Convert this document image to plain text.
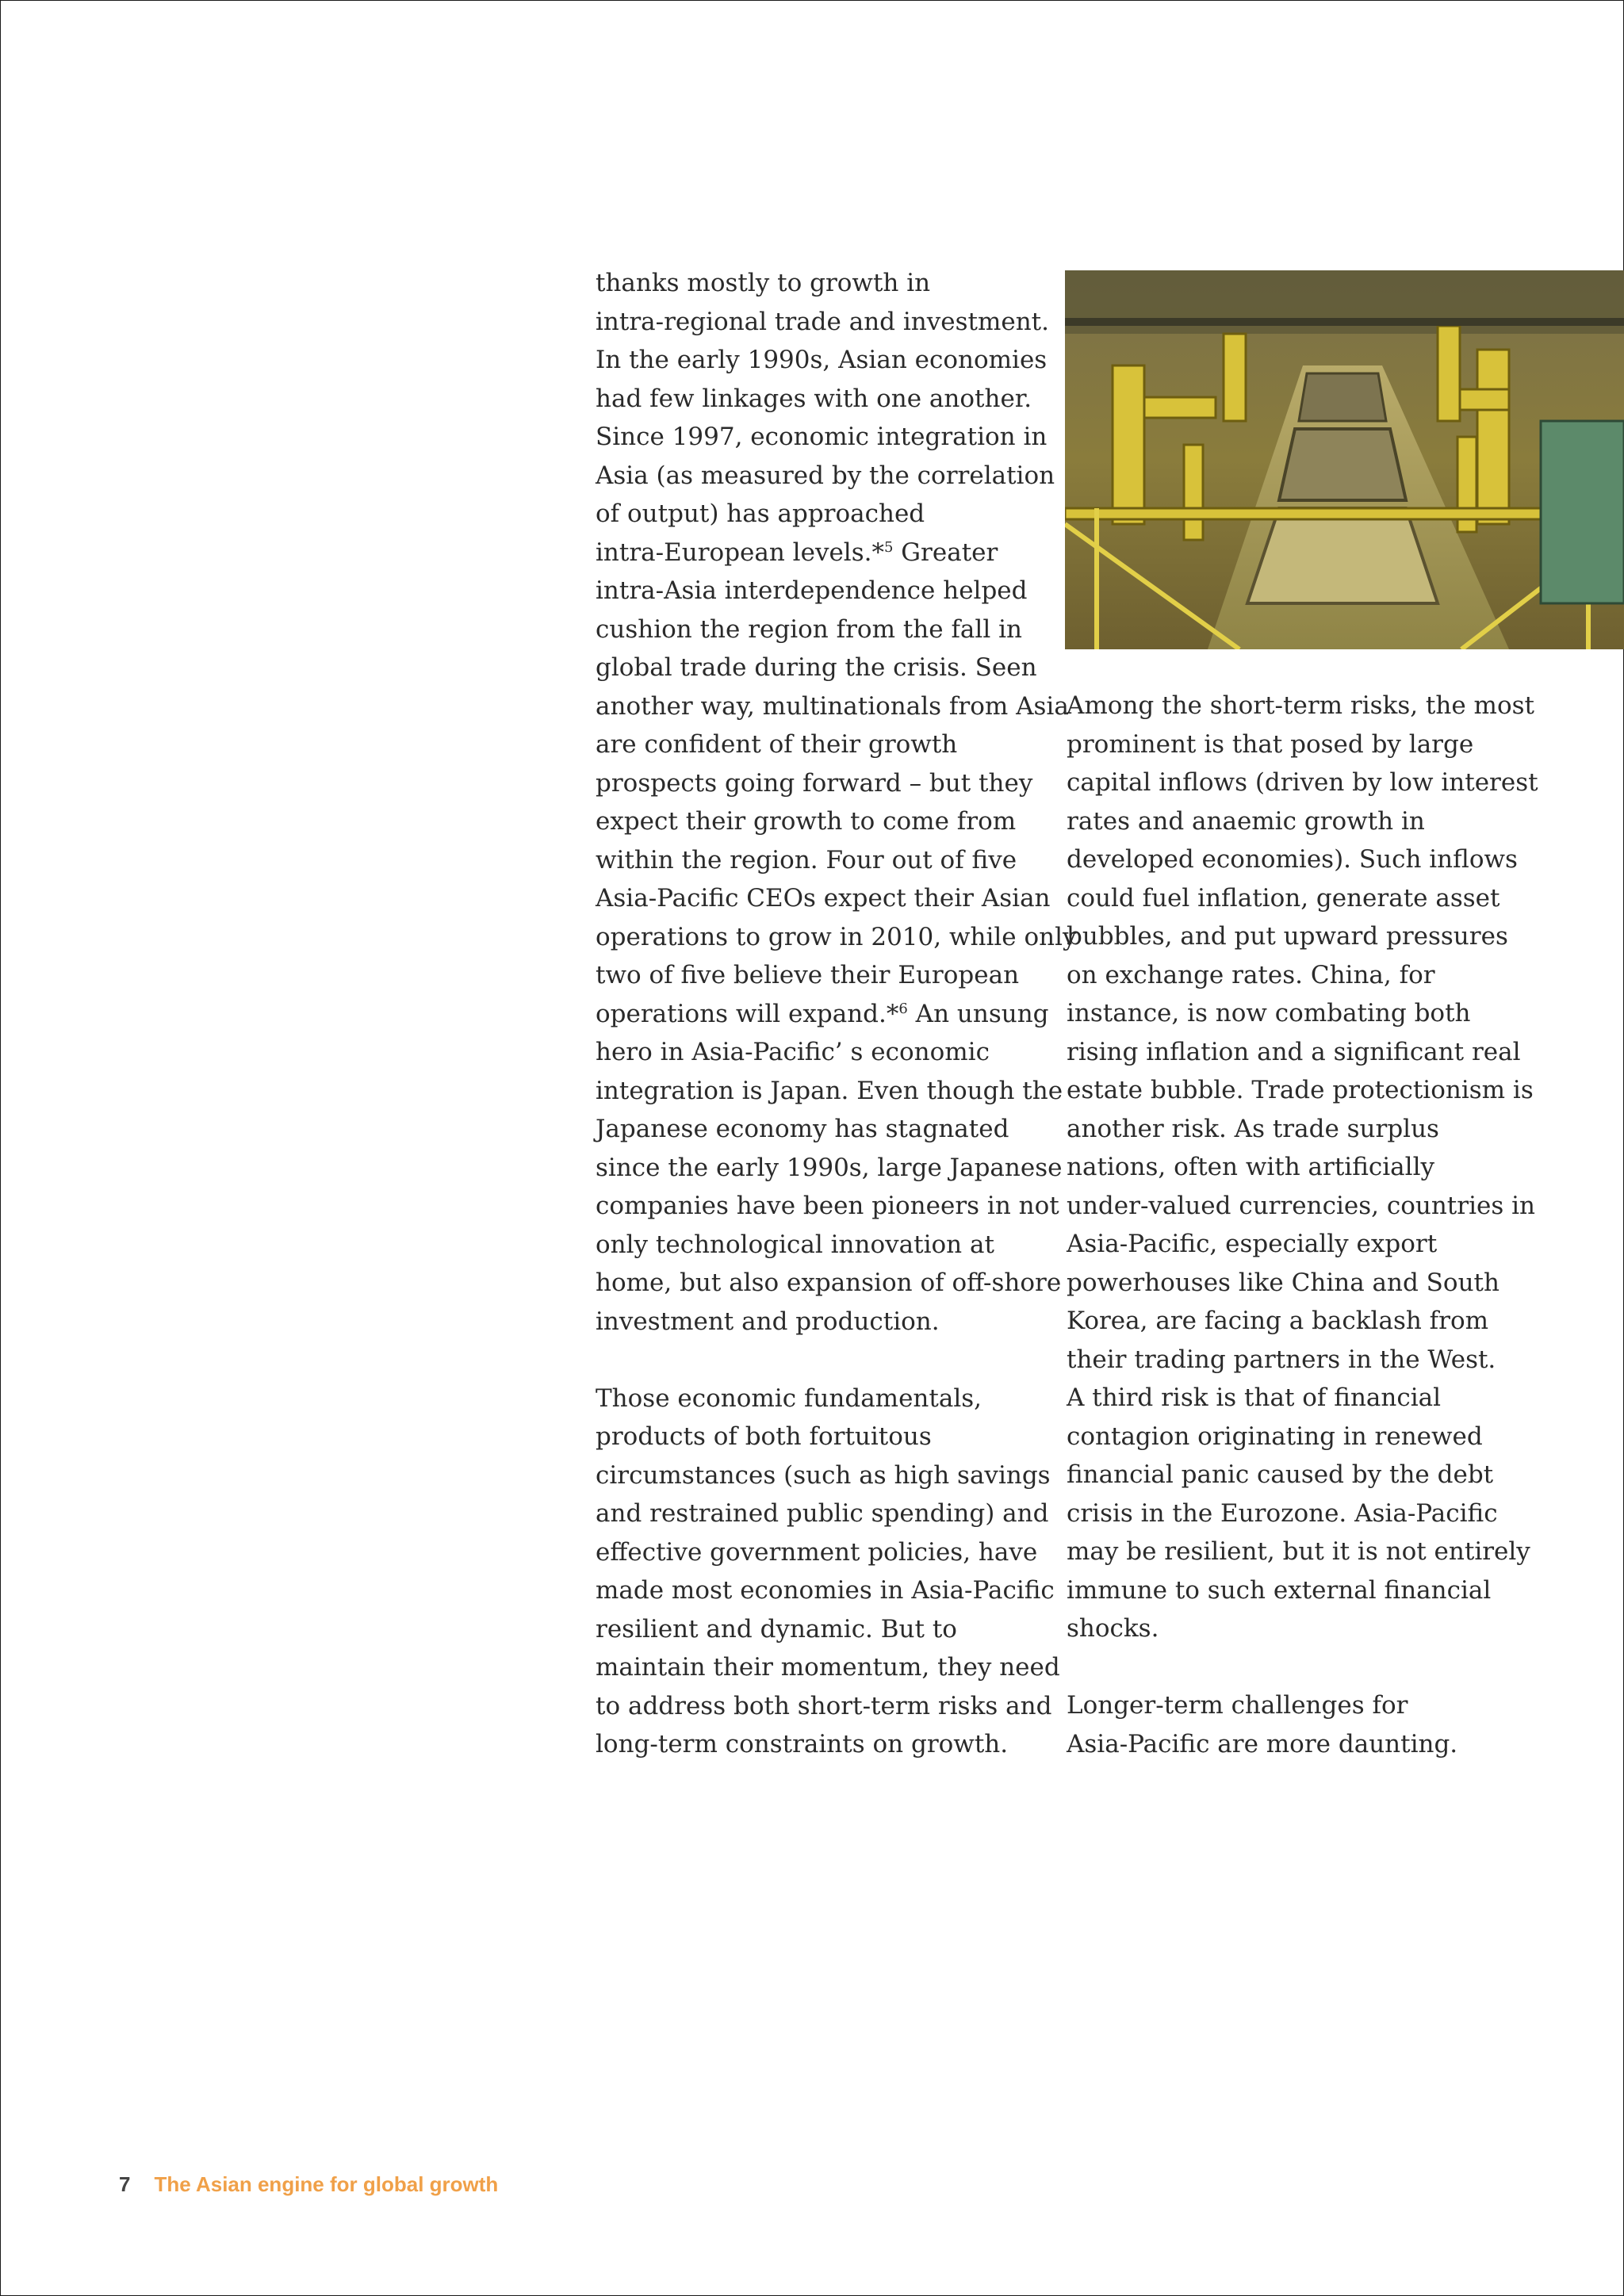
thanks mostly to growth in
intra-regional trade and investment.
In the early 1990s, Asian economies
had few linkages with one another.
Since 1997, economic integration in
Asia (as measured by the correlation
of output) has approached
intra-European levels.*$^5$ Greater
intra-Asia interdependence helped
cushion the region from the fall in
global trade during the crisis. Seen
another way, multinationals from Asia
are confident of their growth
prospects going forward – but they
expect their growth to come from
within the region. Four out of five
Asia-Pacific CEOs expect their Asian
operations to grow in 2010, while only
two of five believe their European
operations will expand.*$^6$ An unsung
hero in Asia-Pacific’ s economic
integration is Japan. Even though the
Japanese economy has stagnated
since the early 1990s, large Japanese
companies have been pioneers in not
only technological innovation at
home, but also expansion of off-shore
investment and production.
Those economic fundamentals,
products of both fortuitous
circumstances (such as high savings
and restrained public spending) and
effective government policies, have
made most economies in Asia-Pacific
resilient and dynamic. But to
maintain their momentum, they need
to address both short-term risks and
long-term constraints on growth.
Among the short-term risks, the most
prominent is that posed by large
capital inflows (driven by low interest
rates and anaemic growth in
developed economies). Such inflows
could fuel inflation, generate asset
bubbles, and put upward pressures
on exchange rates. China, for
instance, is now combating both
rising inflation and a significant real
estate bubble. Trade protectionism is
another risk. As trade surplus
nations, often with artificially
under-valued currencies, countries in
Asia-Pacific, especially export
powerhouses like China and South
Korea, are facing a backlash from
their trading partners in the West.
A third risk is that of financial
contagion originating in renewed
financial panic caused by the debt
crisis in the Eurozone. Asia-Pacific
may be resilient, but it is not entirely
immune to such external financial
shocks.
Longer-term challenges for
Asia-Pacific are more daunting.
7 The Asian engine for global growth
